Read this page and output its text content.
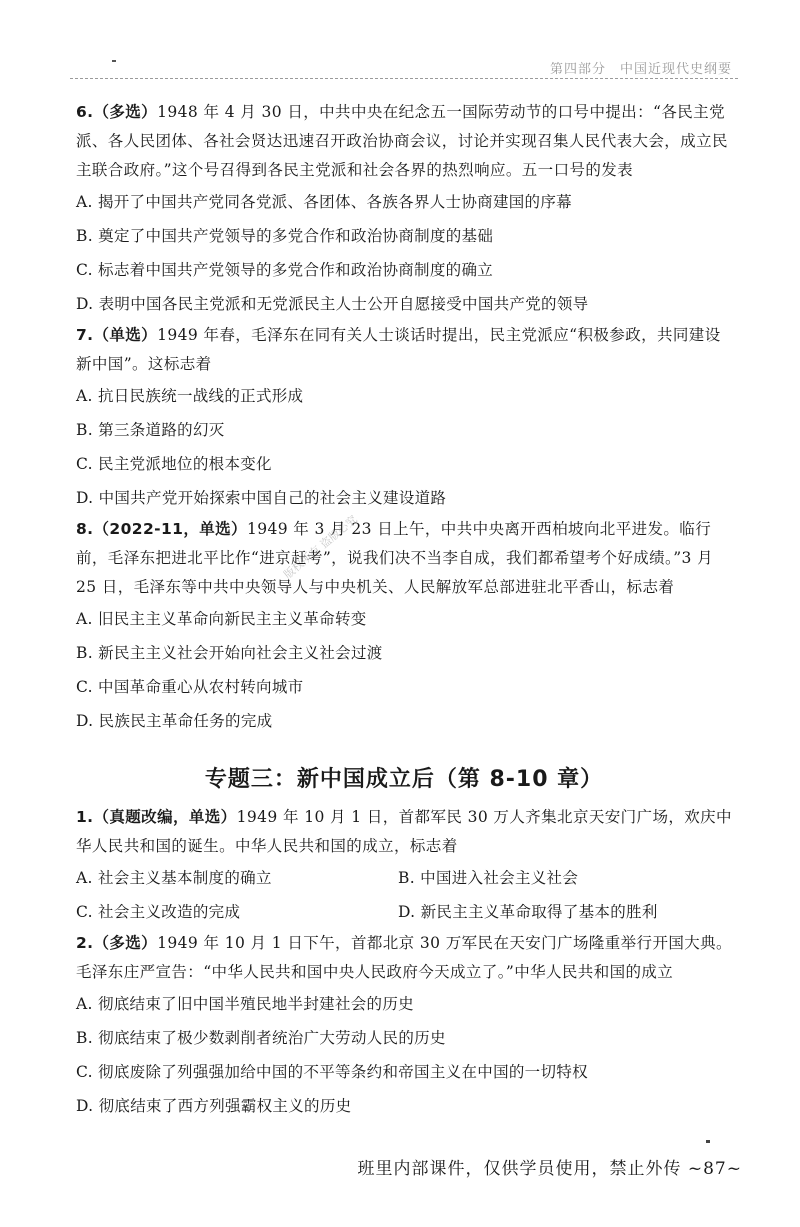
第四部分　中国近现代史纲要
版权所有 盗版必究

6.（多选）1948 年 4 月 30 日，中共中央在纪念五一国际劳动节的口号中提出：“各民主党派、各人民团体、各社会贤达迅速召开政治协商会议，讨论并实现召集人民代表大会，成立民主联合政府。”这个号召得到各民主党派和社会各界的热烈响应。五一口号的发表

A. 揭开了中国共产党同各党派、各团体、各族各界人士协商建国的序幕

B. 奠定了中国共产党领导的多党合作和政治协商制度的基础

C. 标志着中国共产党领导的多党合作和政治协商制度的确立

D. 表明中国各民主党派和无党派民主人士公开自愿接受中国共产党的领导

7.（单选）1949 年春，毛泽东在同有关人士谈话时提出，民主党派应“积极参政，共同建设新中国”。这标志着

A. 抗日民族统一战线的正式形成

B. 第三条道路的幻灭

C. 民主党派地位的根本变化

D. 中国共产党开始探索中国自己的社会主义建设道路

8.（2022-11，单选）1949 年 3 月 23 日上午，中共中央离开西柏坡向北平进发。临行前，毛泽东把进北平比作“进京赶考”，说我们决不当李自成，我们都希望考个好成绩。”3 月 25 日，毛泽东等中共中央领导人与中央机关、人民解放军总部进驻北平香山，标志着

A. 旧民主主义革命向新民主主义革命转变

B. 新民主主义社会开始向社会主义社会过渡

C. 中国革命重心从农村转向城市

D. 民族民主革命任务的完成

专题三：新中国成立后（第 8-10 章）

1.（真题改编，单选）1949 年 10 月 1 日，首都军民 30 万人齐集北京天安门广场，欢庆中华人民共和国的诞生。中华人民共和国的成立，标志着

A. 社会主义基本制度的确立	B. 中国进入社会主义社会

C. 社会主义改造的完成	D. 新民主主义革命取得了基本的胜利

2.（多选）1949 年 10 月 1 日下午，首都北京 30 万军民在天安门广场隆重举行开国大典。毛泽东庄严宣告：“中华人民共和国中央人民政府今天成立了。”中华人民共和国的成立

A. 彻底结束了旧中国半殖民地半封建社会的历史

B. 彻底结束了极少数剥削者统治广大劳动人民的历史

C. 彻底废除了列强强加给中国的不平等条约和帝国主义在中国的一切特权

D. 彻底结束了西方列强霸权主义的历史

班里内部课件，仅供学员使用，禁止外传 ~87~
